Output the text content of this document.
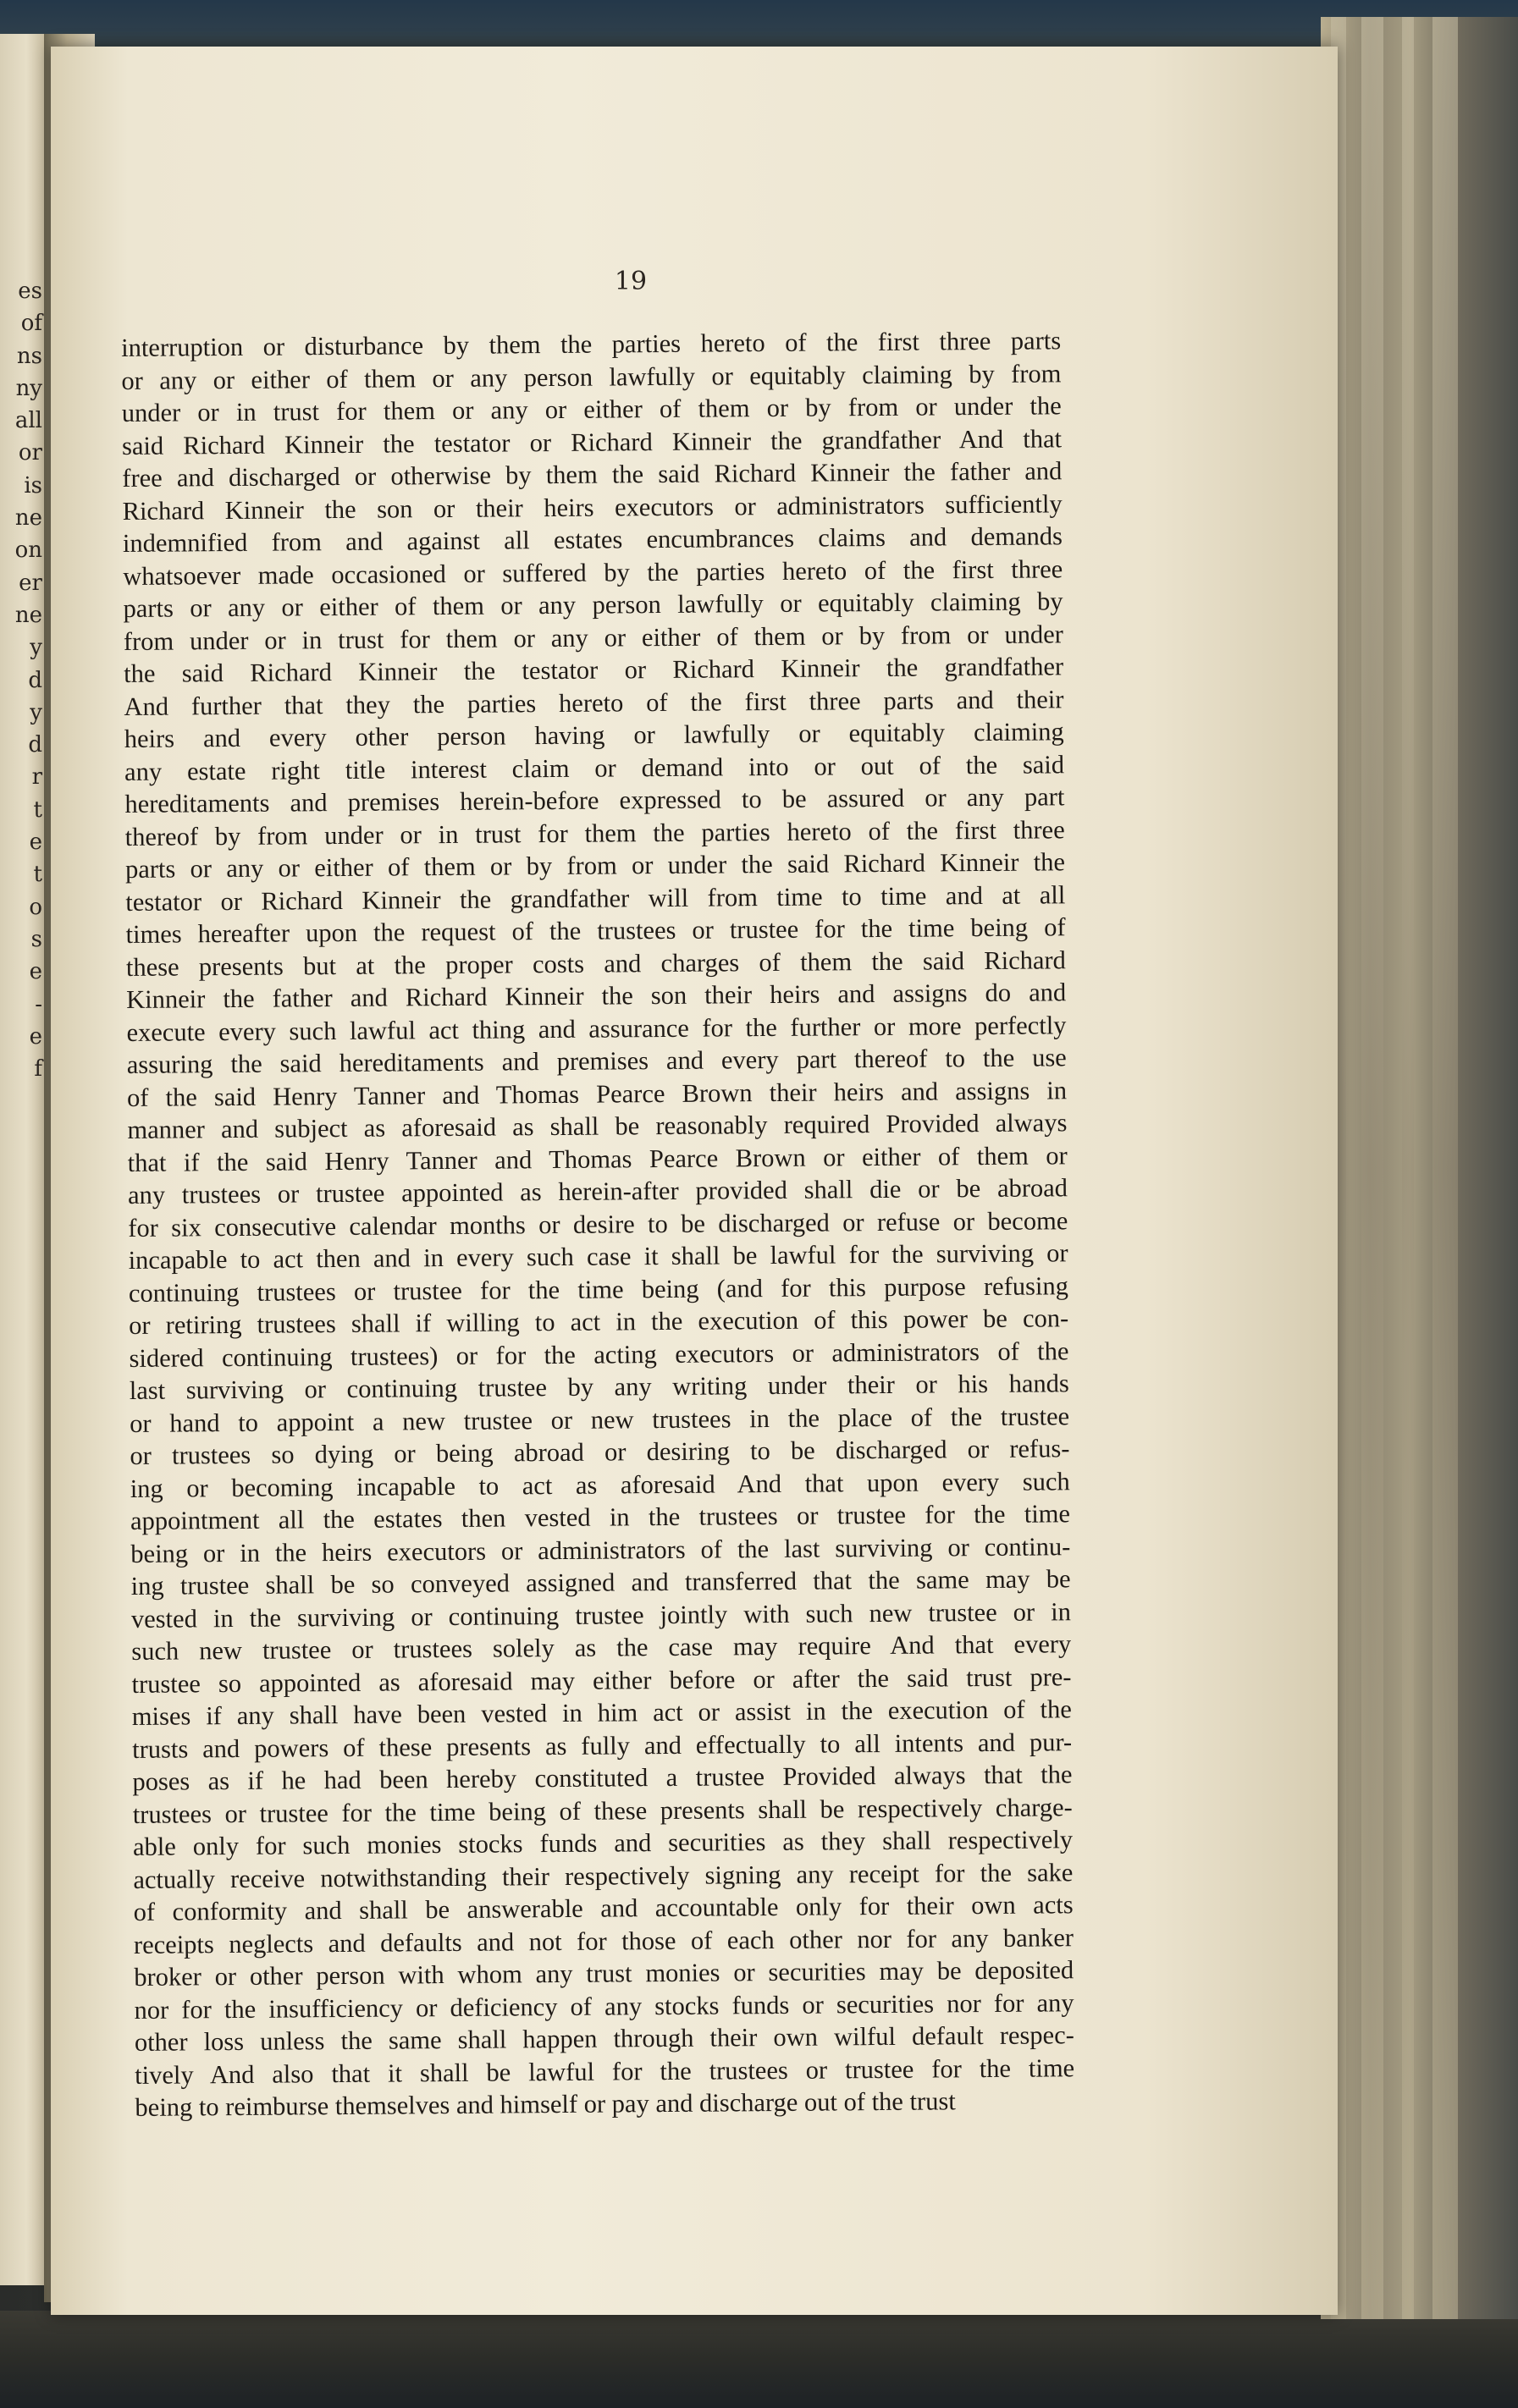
es
of
ns
ny
all
or
is
ne
on
er
ne
y
d
y
d
r
t
e
t
o
s
e
-
e
f

19

interruption or disturbance by them the parties hereto of the first three parts
or any or either of them or any person lawfully or equitably claiming by from
under or in trust for them or any or either of them or by from or under the
said Richard Kinneir the testator or Richard Kinneir the grandfather And that
free and discharged or otherwise by them the said Richard Kinneir the father and
Richard Kinneir the son or their heirs executors or administrators sufficiently
indemnified from and against all estates encumbrances claims and demands
whatsoever made occasioned or suffered by the parties hereto of the first three
parts or any or either of them or any person lawfully or equitably claiming by
from under or in trust for them or any or either of them or by from or under
the said Richard Kinneir the testator or Richard Kinneir the grandfather
And further that they the parties hereto of the first three parts and their
heirs and every other person having or lawfully or equitably claiming
any estate right title interest claim or demand into or out of the said
hereditaments and premises herein-before expressed to be assured or any part
thereof by from under or in trust for them the parties hereto of the first three
parts or any or either of them or by from or under the said Richard Kinneir the
testator or Richard Kinneir the grandfather will from time to time and at all
times hereafter upon the request of the trustees or trustee for the time being of
these presents but at the proper costs and charges of them the said Richard
Kinneir the father and Richard Kinneir the son their heirs and assigns do and
execute every such lawful act thing and assurance for the further or more perfectly
assuring the said hereditaments and premises and every part thereof to the use
of the said Henry Tanner and Thomas Pearce Brown their heirs and assigns in
manner and subject as aforesaid as shall be reasonably required Provided always
that if the said Henry Tanner and Thomas Pearce Brown or either of them or
any trustees or trustee appointed as herein-after provided shall die or be abroad
for six consecutive calendar months or desire to be discharged or refuse or become
incapable to act then and in every such case it shall be lawful for the surviving or
continuing trustees or trustee for the time being (and for this purpose refusing
or retiring trustees shall if willing to act in the execution of this power be con-
sidered continuing trustees) or for the acting executors or administrators of the
last surviving or continuing trustee by any writing under their or his hands
or hand to appoint a new trustee or new trustees in the place of the trustee
or trustees so dying or being abroad or desiring to be discharged or refus-
ing or becoming incapable to act as aforesaid And that upon every such
appointment all the estates then vested in the trustees or trustee for the time
being or in the heirs executors or administrators of the last surviving or continu-
ing trustee shall be so conveyed assigned and transferred that the same may be
vested in the surviving or continuing trustee jointly with such new trustee or in
such new trustee or trustees solely as the case may require And that every
trustee so appointed as aforesaid may either before or after the said trust pre-
mises if any shall have been vested in him act or assist in the execution of the
trusts and powers of these presents as fully and effectually to all intents and pur-
poses as if he had been hereby constituted a trustee Provided always that the
trustees or trustee for the time being of these presents shall be respectively charge-
able only for such monies stocks funds and securities as they shall respectively
actually receive notwithstanding their respectively signing any receipt for the sake
of conformity and shall be answerable and accountable only for their own acts
receipts neglects and defaults and not for those of each other nor for any banker
broker or other person with whom any trust monies or securities may be deposited
nor for the insufficiency or deficiency of any stocks funds or securities nor for any
other loss unless the same shall happen through their own wilful default respec-
tively And also that it shall be lawful for the trustees or trustee for the time
being to reimburse themselves and himself or pay and discharge out of the trust
